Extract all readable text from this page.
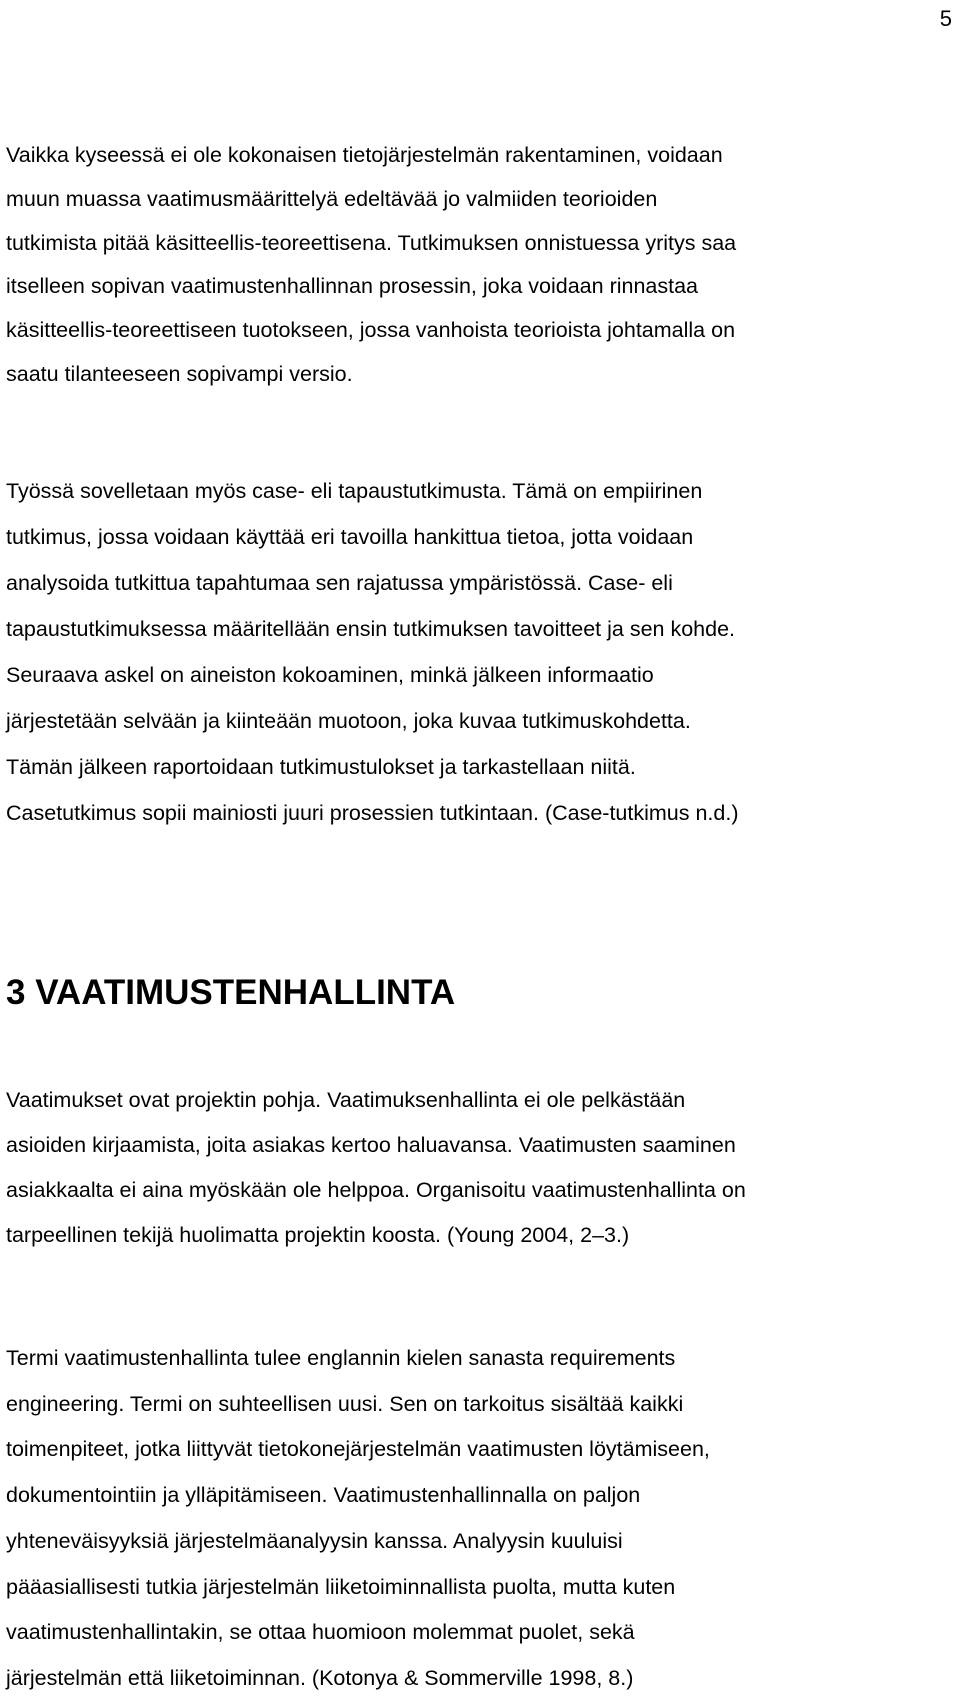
5
Vaikka kyseessä ei ole kokonaisen tietojärjestelmän rakentaminen, voidaan
muun muassa vaatimusmäärittelyä edeltävää jo valmiiden teorioiden
tutkimista pitää käsitteellis-teoreettisena. Tutkimuksen onnistuessa yritys saa
itselleen sopivan vaatimustenhallinnan prosessin, joka voidaan rinnastaa
käsitteellis-teoreettiseen tuotokseen, jossa vanhoista teorioista johtamalla on
saatu tilanteeseen sopivampi versio.
Työssä sovelletaan myös case- eli tapaustutkimusta. Tämä on empiirinen
tutkimus, jossa voidaan käyttää eri tavoilla hankittua tietoa, jotta voidaan
analysoida tutkittua tapahtumaa sen rajatussa ympäristössä. Case- eli
tapaustutkimuksessa määritellään ensin tutkimuksen tavoitteet ja sen kohde.
Seuraava askel on aineiston kokoaminen, minkä jälkeen informaatio
järjestetään selvään ja kiinteään muotoon, joka kuvaa tutkimuskohdetta.
Tämän jälkeen raportoidaan tutkimustulokset ja tarkastellaan niitä.
Casetutkimus sopii mainiosti juuri prosessien tutkintaan. (Case-tutkimus n.d.)
3 VAATIMUSTENHALLINTA
Vaatimukset ovat projektin pohja. Vaatimuksenhallinta ei ole pelkästään
asioiden kirjaamista, joita asiakas kertoo haluavansa. Vaatimusten saaminen
asiakkaalta ei aina myöskään ole helppoa. Organisoitu vaatimustenhallinta on
tarpeellinen tekijä huolimatta projektin koosta. (Young 2004, 2–3.)
Termi vaatimustenhallinta tulee englannin kielen sanasta requirements
engineering. Termi on suhteellisen uusi. Sen on tarkoitus sisältää kaikki
toimenpiteet, jotka liittyvät tietokonejärjestelmän vaatimusten löytämiseen,
dokumentointiin ja ylläpitämiseen. Vaatimustenhallinnalla on paljon
yhteneväisyyksiä järjestelmäanalyysin kanssa. Analyysin kuuluisi
pääasiallisesti tutkia järjestelmän liiketoiminnallista puolta, mutta kuten
vaatimustenhallintakin, se ottaa huomioon molemmat puolet, sekä
järjestelmän että liiketoiminnan. (Kotonya & Sommerville 1998, 8.)
